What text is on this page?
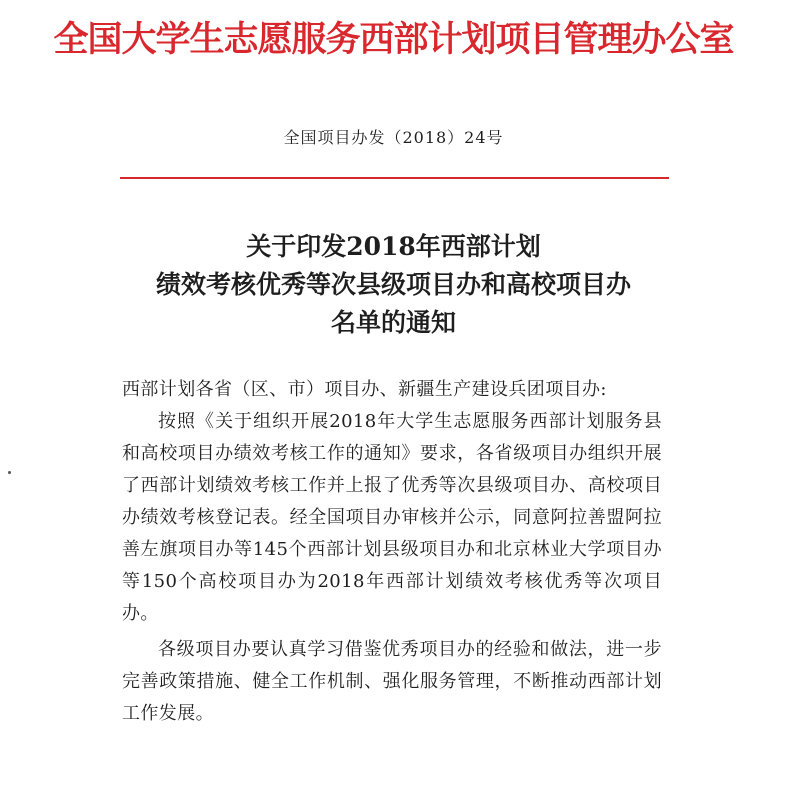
全国大学生志愿服务西部计划项目管理办公室
全国项目办发（2018）24号
关于印发2018年西部计划
绩效考核优秀等次县级项目办和高校项目办
名单的通知

西部计划各省（区、市）项目办、新疆生产建设兵团项目办:

按照《关于组织开展2018年大学生志愿服务西部计划服务县和高校项目办绩效考核工作的通知》要求，各省级项目办组织开展了西部计划绩效考核工作并上报了优秀等次县级项目办、高校项目办绩效考核登记表。经全国项目办审核并公示，同意阿拉善盟阿拉善左旗项目办等145个西部计划县级项目办和北京林业大学项目办等150个高校项目办为2018年西部计划绩效考核优秀等次项目办。

各级项目办要认真学习借鉴优秀项目办的经验和做法，进一步完善政策措施、健全工作机制、强化服务管理，不断推动西部计划工作发展。
